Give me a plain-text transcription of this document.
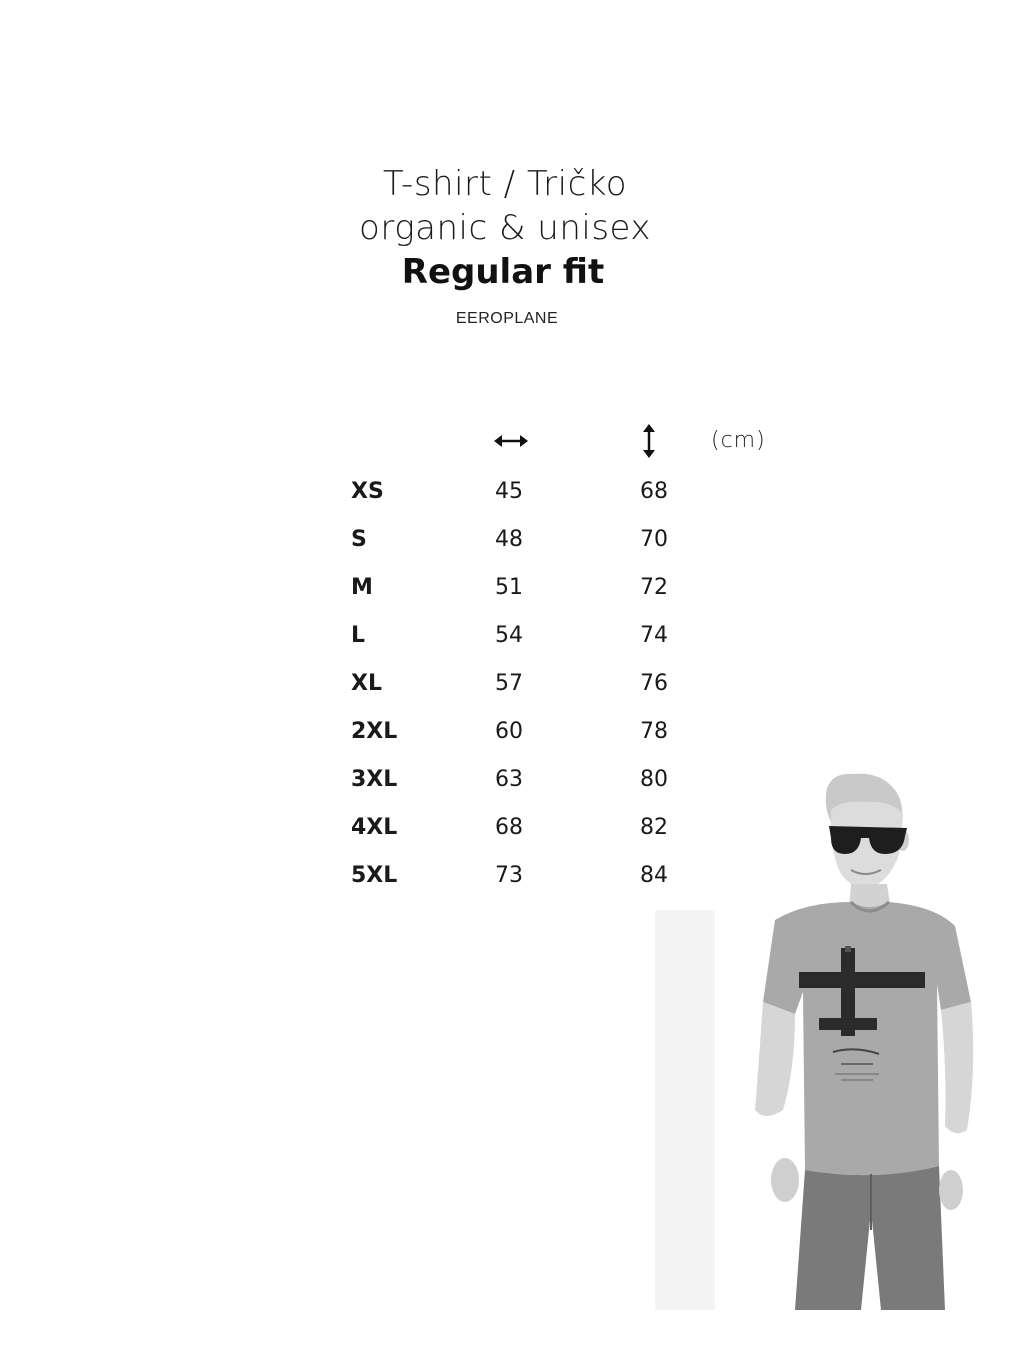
T-shirt / Tričko
organic & unisex
Regular fit
EEROPLANE
(cm)
XS	45	68
S	48	70
M	51	72
L	54	74
XL	57	76
2XL	60	78
3XL	63	80
4XL	68	82
5XL	73	84
